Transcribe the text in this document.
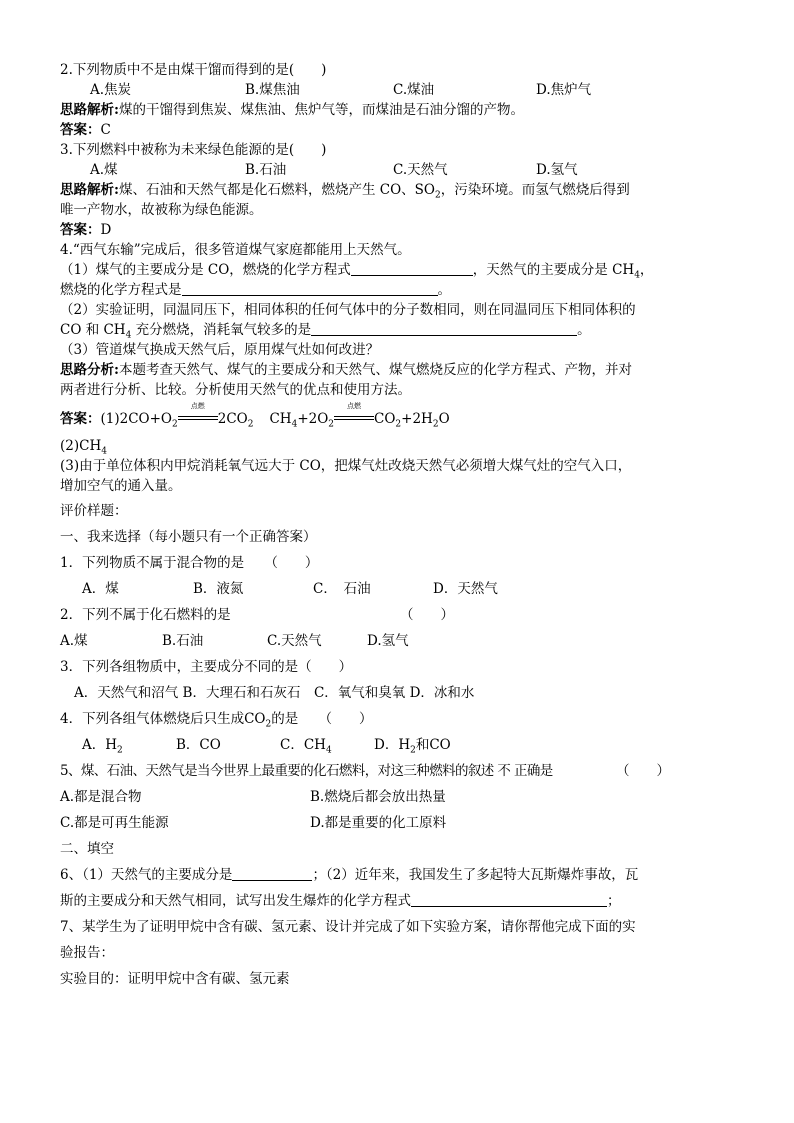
2.下列物质中不是由煤干馏而得到的是(　　)
A.焦炭	B.煤焦油	C.煤油	D.焦炉气
思路解析:煤的干馏得到焦炭、煤焦油、焦炉气等，而煤油是石油分馏的产物。
答案：C
3.下列燃料中被称为未来绿色能源的是(　　)
A.煤	B.石油	C.天然气	D.氢气
思路解析:煤、石油和天然气都是化石燃料，燃烧产生 CO、$SO_2$，污染环境。而氢气燃烧后得到
唯一产物水，故被称为绿色能源。
答案：D
4.“西气东输”完成后，很多管道煤气家庭都能用上天然气。
（1）煤气的主要成分是 CO，燃烧的化学方程式	，天然气的主要成分是 $CH_4$，
燃烧的化学方程式是	。
（2）实验证明，同温同压下，相同体积的任何气体中的分子数相同，则在同温同压下相同体积的
CO 和 $CH_4$ 充分燃烧，消耗氧气较多的是	。
（3）管道煤气换成天然气后，原用煤气灶如何改进？
思路分析:本题考查天然气、煤气的主要成分和天然气、煤气燃烧反应的化学方程式、产物，并对
两者进行分析、比较。分析使用天然气的优点和使用方法。
答案：$(1)2CO+O_2$
点燃
$2CO_2$ $CH_4+2O_2$
点燃
$CO_2+2H_2O$
$(2)CH_4$
(3)由于单位体积内甲烷消耗氧气远大于 CO，把煤气灶改烧天然气必须增大煤气灶的空气入口，
增加空气的通入量。
评价样题：
一、我来选择（每小题只有一个正确答案）
1．下列物质不属于混合物的是　　（　　）
A．煤	B．液氮	C．　石油	D．天然气
2．下列不属于化石燃料的是	（　　）
A.煤	B.石油	C.天然气	D.氢气
3．下列各组物质中，主要成分不同的是（　　）
A．天然气和沼气 B．大理石和石灰石　C．氧气和臭氧 D．冰和水
4．下列各组气体燃烧后只生成$CO_2$的是　　（　　）
A．$H_2$	B．CO	C．$CH_4$	D．$H_2$和CO
5、煤、石油、天然气是当今世界上最重要的化石燃料，对这三种燃料的叙述 不 正确是	（　　）
A.都是混合物	B.燃烧后都会放出热量
C.都是可再生能源	D.都是重要的化工原料
二、填空
6、（1）天然气的主要成分是	；（2）近年来，我国发生了多起特大瓦斯爆炸事故，瓦
斯的主要成分和天然气相同，试写出发生爆炸的化学方程式	；
7、某学生为了证明甲烷中含有碳、氢元素、设计并完成了如下实验方案，请你帮他完成下面的实
验报告：
实验目的：证明甲烷中含有碳、氢元素
